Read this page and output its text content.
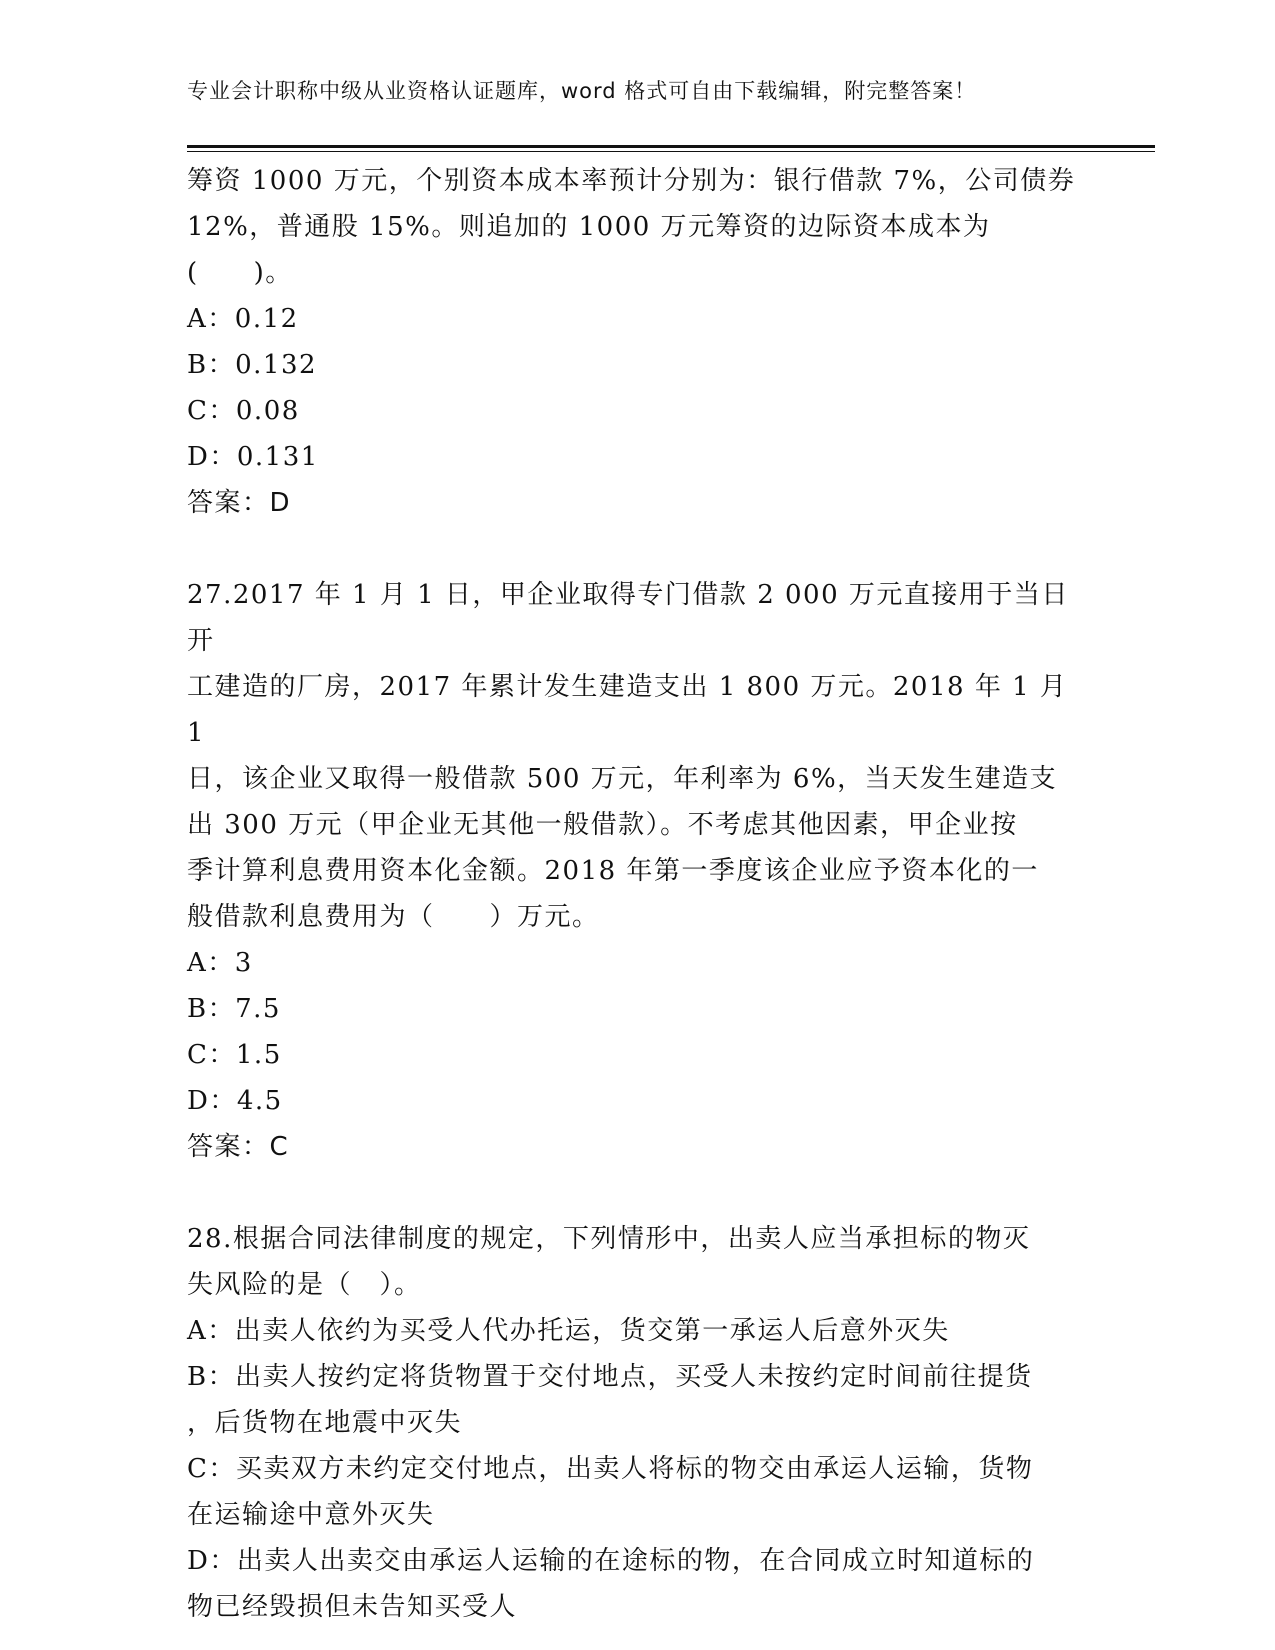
专业会计职称中级从业资格认证题库，word 格式可自由下载编辑，附完整答案！

筹资 1000 万元，个别资本成本率预计分别为：银行借款 7%，公司债券

12%，普通股 15%。则追加的 1000 万元筹资的边际资本成本为(　　)。

A：0.12

B：0.132

C：0.08

D：0.131

答案：D

27.2017 年 1 月 1 日，甲企业取得专门借款 2 000 万元直接用于当日开

工建造的厂房，2017 年累计发生建造支出 1 800 万元。2018 年 1 月 1

日，该企业又取得一般借款 500 万元，年利率为 6%，当天发生建造支

出 300 万元（甲企业无其他一般借款）。不考虑其他因素，甲企业按

季计算利息费用资本化金额。2018 年第一季度该企业应予资本化的一

般借款利息费用为（　　）万元。

A：3

B：7.5

C：1.5

D：4.5

答案：C

28.根据合同法律制度的规定，下列情形中，出卖人应当承担标的物灭

失风险的是（　）。

A：出卖人依约为买受人代办托运，货交第一承运人后意外灭失

B：出卖人按约定将货物置于交付地点，买受人未按约定时间前往提货

，后货物在地震中灭失

C：买卖双方未约定交付地点，出卖人将标的物交由承运人运输，货物

在运输途中意外灭失

D：出卖人出卖交由承运人运输的在途标的物，在合同成立时知道标的

物已经毁损但未告知买受人
